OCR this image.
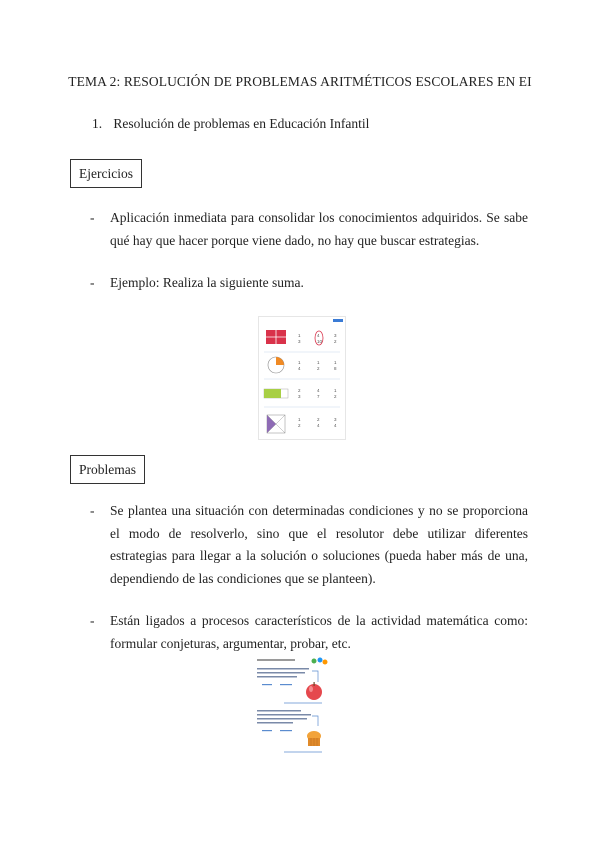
TEMA 2: RESOLUCIÓN DE PROBLEMAS ARITMÉTICOS ESCOLARES EN EI
1. Resolución de problemas en Educación Infantil
Ejercicios
- Aplicación inmediata para consolidar los conocimientos adquiridos. Se sabe qué hay que hacer porque viene dado, no hay que buscar estrategias.
- Ejemplo: Realiza la siguiente suma.
1
3
4
10
3
2
1
4
1
2
1
8
2
3
4
7
1
2
1
2
2
4
3
4
Problemas
- Se plantea una situación con determinadas condiciones y no se proporciona el modo de resolverlo, sino que el resolutor debe utilizar diferentes estrategias para llegar a la solución o soluciones (pueda haber más de una, dependiendo de las condiciones que se planteen).
- Están ligados a procesos característicos de la actividad matemática como: formular conjeturas, argumentar, probar, etc.
